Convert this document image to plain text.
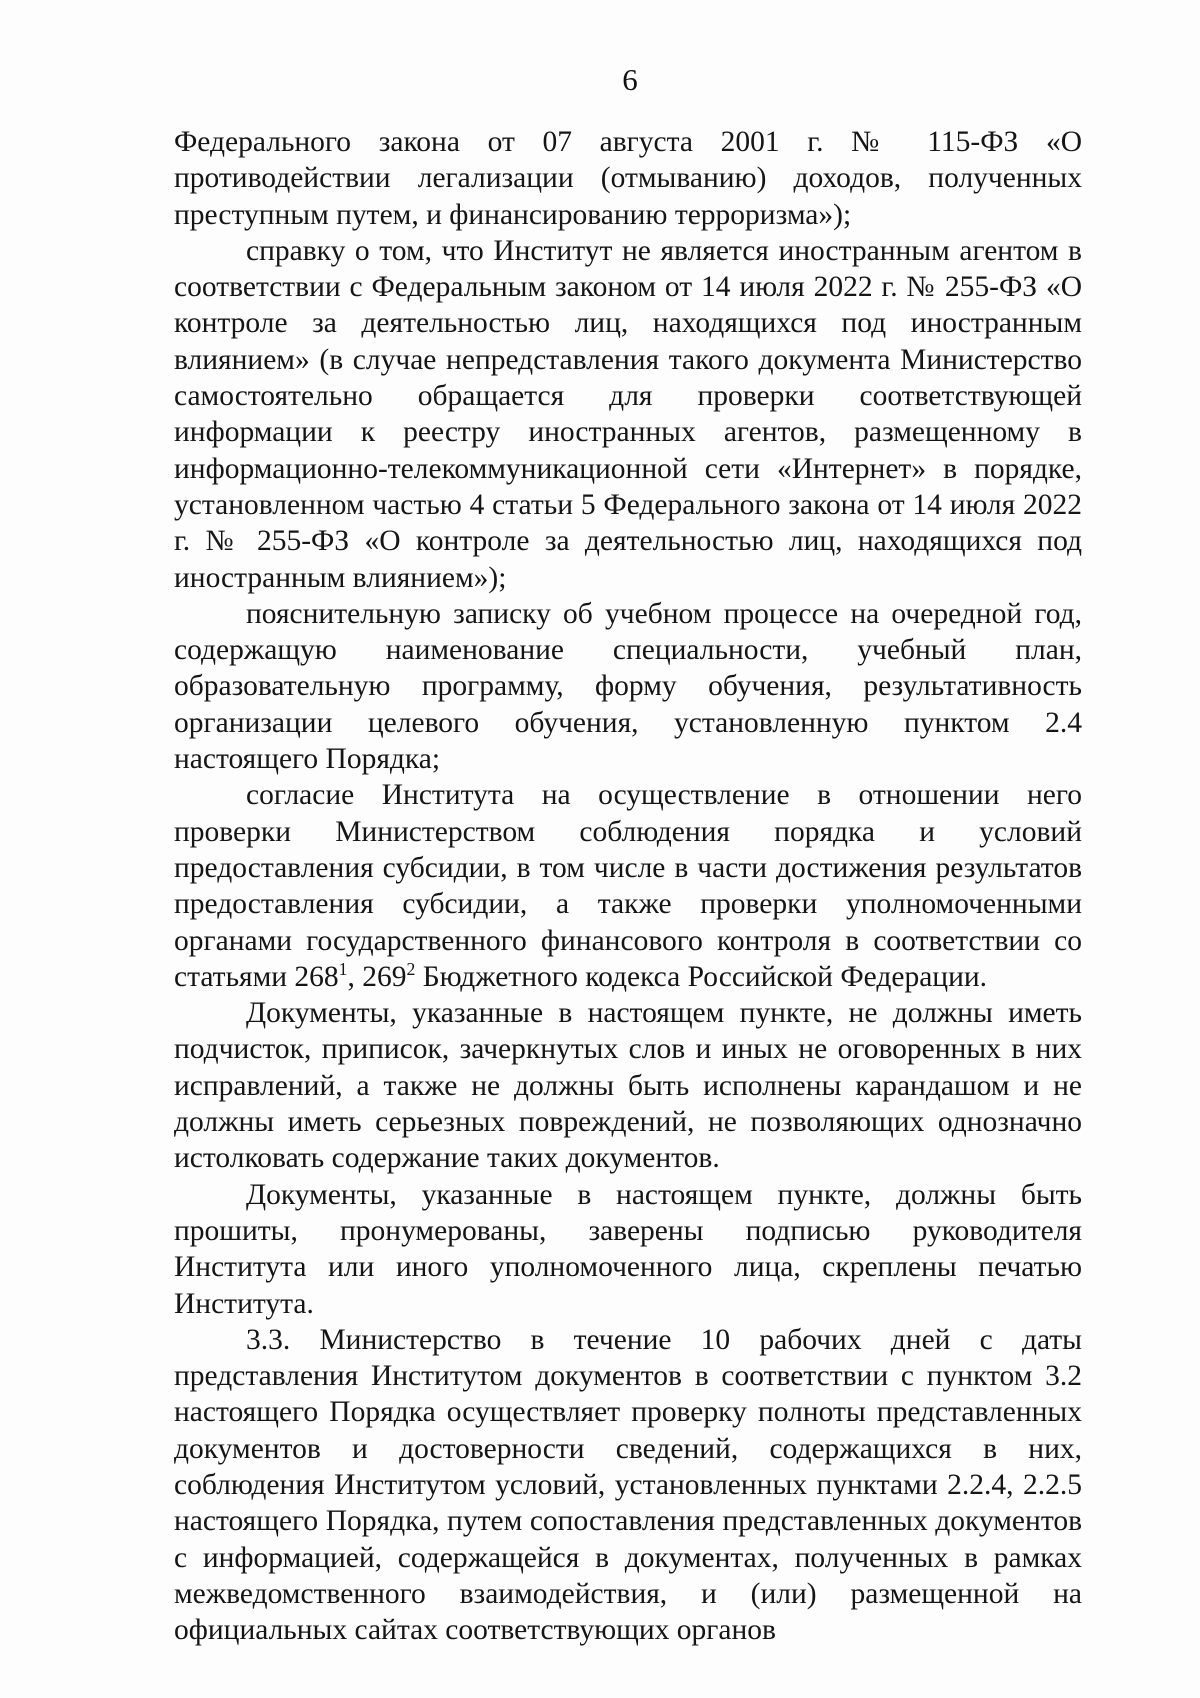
6

Федерального закона от 07 августа 2001 г. № 115-ФЗ «О противодействии легализации (отмыванию) доходов, полученных преступным путем, и финансированию терроризма»);

справку о том, что Институт не является иностранным агентом в соответствии с Федеральным законом от 14 июля 2022 г. № 255-ФЗ «О контроле за деятельностью лиц, находящихся под иностранным влиянием» (в случае непредставления такого документа Министерство самостоятельно обращается для проверки соответствующей информации к реестру иностранных агентов, размещенному в информационно-телекоммуникационной сети «Интернет» в порядке, установленном частью 4 статьи 5 Федерального закона от 14 июля 2022 г. № 255-ФЗ «О контроле за деятельностью лиц, находящихся под иностранным влиянием»);

пояснительную записку об учебном процессе на очередной год, содержащую наименование специальности, учебный план, образовательную программу, форму обучения, результативность организации целевого обучения, установленную пунктом 2.4 настоящего Порядка;

согласие Института на осуществление в отношении него проверки Министерством соблюдения порядка и условий предоставления субсидии, в том числе в части достижения результатов предоставления субсидии, а также проверки уполномоченными органами государственного финансового контроля в соответствии со статьями $268^1$, $269^2$ Бюджетного кодекса Российской Федерации.

Документы, указанные в настоящем пункте, не должны иметь подчисток, приписок, зачеркнутых слов и иных не оговоренных в них исправлений, а также не должны быть исполнены карандашом и не должны иметь серьезных повреждений, не позволяющих однозначно истолковать содержание таких документов.

Документы, указанные в настоящем пункте, должны быть прошиты, пронумерованы, заверены подписью руководителя Института или иного уполномоченного лица, скреплены печатью Института.

3.3. Министерство в течение 10 рабочих дней с даты представления Институтом документов в соответствии с пунктом 3.2 настоящего Порядка осуществляет проверку полноты представленных документов и достоверности сведений, содержащихся в них, соблюдения Институтом условий, установленных пунктами 2.2.4, 2.2.5 настоящего Порядка, путем сопоставления представленных документов с информацией, содержащейся в документах, полученных в рамках межведомственного взаимодействия, и (или) размещенной на официальных сайтах соответствующих органов
